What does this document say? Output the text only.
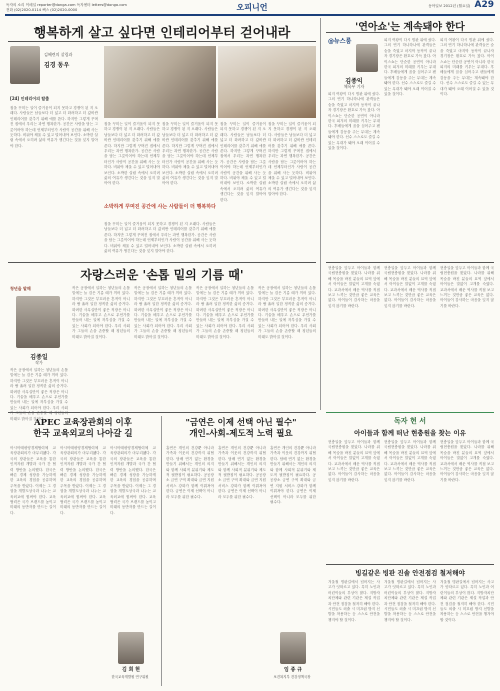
독자의 소리 이메일 reporter@donga.com 독자센터 letters@donga.com
전화 (02)2020-0114 팩스 (02)2020-0000	오피니언	동아일보 2012년 (월요일) A29
행복하게 살고 싶다면 인테리어부터 걷어내라
김혜련의 살림과
김경 동우
[24] 인테리어의 탈출
집을 꾸미는 일이 즐거움이 되지 못하고 경쟁이 된 지 오래다. 사람들은 남들보다 더 넓고 더 화려하고 더 값비싼 인테리어를 갖추기 위해 애를 쓴다. 하지만 그렇게 꾸며진 집에서 우리는 과연 행복한가. 공간은 사람을 담는 그릇이어야 하는데 언제부터인가 사람이 공간을 위해 사는 듯하다. 비워야 채울 수 있고 덜어내야 보인다. 소박한 살림 속에서 오히려 삶의 여유가 생긴다는 것을 잊지 말아야 한다.
집을 꾸미는 일이 즐거움이 되지 못하고 경쟁이 된 지 오래다. 사람들은 남들보다 더 넓고 더 화려하고 더 값비싼 인테리어를 갖추기 위해 애를 쓴다. 하지만 그렇게 꾸며진 집에서 우리는 과연 행복한가. 공간은 사람을 담는 그릇이어야 하는데 언제부터인가 사람이 공간을 위해 사는 듯하다. 비워야 채울 수 있고 덜어내야 보인다. 소박한 살림 속에서 오히려 삶의 여유가 생긴다는 것을 잊지 말아야 한다.
집을 꾸미는 일이 즐거움이 되지 못하고 경쟁이 된 지 오래다. 사람들은 남들보다 더 넓고 더 화려하고 더 값비싼 인테리어를 갖추기 위해 애를 쓴다. 하지만 그렇게 꾸며진 집에서 우리는 과연 행복한가. 공간은 사람을 담는 그릇이어야 하는데 언제부터인가 사람이 공간을 위해 사는 듯하다. 비워야 채울 수 있고 덜어내야 보인다. 소박한 살림 속에서 오히려 삶의 여유가 생긴다는 것을 잊지 말아야 한다.
집을 꾸미는 일이 즐거움이 되지 못하고 경쟁이 된 지 오래다. 사람들은 남들보다 더 넓고 더 화려하고 더 값비싼 인테리어를 갖추기 위해 애를 쓴다. 하지만 그렇게 꾸며진 집에서 우리는 과연 행복한가. 공간은 사람을 담는 그릇이어야 하는데 언제부터인가 사람이 공간을 위해 사는 듯하다. 비워야 채울 수 있고 덜어내야 보인다. 소박한 살림 속에서 오히려 삶의 여유가 생긴다는 것을 잊지 말아야 한다.
집을 꾸미는 일이 즐거움이 되지 못하고 경쟁이 된 지 오래다. 사람들은 남들보다 더 넓고 더 화려하고 더 값비싼 인테리어를 갖추기 위해 애를 쓴다. 하지만 그렇게 꾸며진 집에서 우리는 과연 행복한가. 공간은 사람을 담는 그릇이어야 하는데 언제부터인가 사람이 공간을 위해 사는 듯하다. 비워야 채울 수 있고 덜어내야 보인다. 소박한 살림 속에서 오히려 삶의 여유가 생긴다는 것을 잊지 말아야 한다.
소박하게 꾸며진 공간에 사는 사람들이 더 행복하다
집을 꾸미는 일이 즐거움이 되지 못하고 경쟁이 된 지 오래다. 사람들은 남들보다 더 넓고 더 화려하고 더 값비싼 인테리어를 갖추기 위해 애를 쓴다. 하지만 그렇게 꾸며진 집에서 우리는 과연 행복한가. 공간은 사람을 담는 그릇이어야 하는데 언제부터인가 사람이 공간을 위해 사는 듯하다. 비워야 채울 수 있고 덜어내야 보인다. 소박한 살림 속에서 오히려 삶의 여유가 생긴다는 것을 잊지 말아야 한다.
'연아쇼'는 계속돼야 한다
@뉴스룸
김종익
체육부 기자
피겨 여왕이 다시 빙판 위에 섰다. 그의 연기 하나하나에 관객들은 숨을 죽였고 마지막 동작이 끝나자 경기장은 환호로 가득 찼다. 아이스쇼는 단순한 공연이 아니라 한국 피겨의 미래를 키우는 무대다. 후배들에게 꿈을 심어주고 팬들에게 감동을 주는 무대는 계속돼야 한다. 선수 스스로도 즐길 수 있는 무대가 돼야 오래 이어질 수 있을 것이다.
피겨 여왕이 다시 빙판 위에 섰다. 그의 연기 하나하나에 관객들은 숨을 죽였고 마지막 동작이 끝나자 경기장은 환호로 가득 찼다. 아이스쇼는 단순한 공연이 아니라 한국 피겨의 미래를 키우는 무대다. 후배들에게 꿈을 심어주고 팬들에게 감동을 주는 무대는 계속돼야 한다. 선수 스스로도 즐길 수 있는 무대가 돼야 오래 이어질 수 있을 것이다.
피겨 여왕이 다시 빙판 위에 섰다. 그의 연기 하나하나에 관객들은 숨을 죽였고 마지막 동작이 끝나자 경기장은 환호로 가득 찼다. 아이스쇼는 단순한 공연이 아니라 한국 피겨의 미래를 키우는 무대다. 후배들에게 꿈을 심어주고 팬들에게 감동을 주는 무대는 계속돼야 한다. 선수 스스로도 즐길 수 있는 무대가 돼야 오래 이어질 수 있을 것이다.
자랑스러운 '손톱 밑의 기름 때'
청년을 말해
김종일
작가
작은 공장에서 일하는 청년들의 손톱 밑에는 늘 검은 기름 때가 끼어 있다. 하지만 그것은 부끄러운 흔적이 아니라 땀 흘려 일한 정직한 삶의 증거다. 화려한 사무실만이 좋은 직장은 아니다. 기술을 배우고 손으로 무언가를 만들어 내는 일에 자부심을 가질 수 있는 사회가 되어야 한다. 우리 사회가 그들의 손을 존중할 때 청년들의 미래도 밝아질 것이다.
작은 공장에서 일하는 청년들의 손톱 밑에는 늘 검은 기름 때가 끼어 있다. 하지만 그것은 부끄러운 흔적이 아니라 땀 흘려 일한 정직한 삶의 증거다. 화려한 사무실만이 좋은 직장은 아니다. 기술을 배우고 손으로 무언가를 만들어 내는 일에 자부심을 가질 수 있는 사회가 되어야 한다. 우리 사회가 그들의 손을 존중할 때 청년들의 미래도 밝아질 것이다.
작은 공장에서 일하는 청년들의 손톱 밑에는 늘 검은 기름 때가 끼어 있다. 하지만 그것은 부끄러운 흔적이 아니라 땀 흘려 일한 정직한 삶의 증거다. 화려한 사무실만이 좋은 직장은 아니다. 기술을 배우고 손으로 무언가를 만들어 내는 일에 자부심을 가질 수 있는 사회가 되어야 한다. 우리 사회가 그들의 손을 존중할 때 청년들의 미래도 밝아질 것이다.
작은 공장에서 일하는 청년들의 손톱 밑에는 늘 검은 기름 때가 끼어 있다. 하지만 그것은 부끄러운 흔적이 아니라 땀 흘려 일한 정직한 삶의 증거다. 화려한 사무실만이 좋은 직장은 아니다. 기술을 배우고 손으로 무언가를 만들어 내는 일에 자부심을 가질 수 있는 사회가 되어야 한다. 우리 사회가 그들의 손을 존중할 때 청년들의 미래도 밝아질 것이다.
작은 공장에서 일하는 청년들의 손톱 밑에는 늘 검은 기름 때가 끼어 있다. 하지만 그것은 부끄러운 흔적이 아니라 땀 흘려 일한 정직한 삶의 증거다. 화려한 사무실만이 좋은 직장은 아니다. 기술을 배우고 손으로 무언가를 만들어 내는 일에 자부심을 가질 수 있는 사회가 되어야 한다. 우리 사회가 그들의 손을 존중할 때 청년들의 미래도 밝아질 것이다.
현충일을 앞두고 아이들과 함께 국립현충원을 찾았다. 나라를 위해 목숨을 바친 분들의 묘역 앞에서 아이들은 말없이 고개를 숙였다. 교과서에서 배운 역사를 직접 보고 느끼는 것만큼 좋은 교육은 없다. 아이들이 감사하는 마음을 잊지 않기를 바란다.
현충일을 앞두고 아이들과 함께 국립현충원을 찾았다. 나라를 위해 목숨을 바친 분들의 묘역 앞에서 아이들은 말없이 고개를 숙였다. 교과서에서 배운 역사를 직접 보고 느끼는 것만큼 좋은 교육은 없다. 아이들이 감사하는 마음을 잊지 않기를 바란다.
현충일을 앞두고 아이들과 함께 국립현충원을 찾았다. 나라를 위해 목숨을 바친 분들의 묘역 앞에서 아이들은 말없이 고개를 숙였다. 교과서에서 배운 역사를 직접 보고 느끼는 것만큼 좋은 교육은 없다. 아이들이 감사하는 마음을 잊지 않기를 바란다.
독자 현 서
아이들과 함께 떠난 현충원을 찾는 이유
현충일을 앞두고 아이들과 함께 국립현충원을 찾았다. 나라를 위해 목숨을 바친 분들의 묘역 앞에서 아이들은 말없이 고개를 숙였다. 교과서에서 배운 역사를 직접 보고 느끼는 것만큼 좋은 교육은 없다. 아이들이 감사하는 마음을 잊지 않기를 바란다.
현충일을 앞두고 아이들과 함께 국립현충원을 찾았다. 나라를 위해 목숨을 바친 분들의 묘역 앞에서 아이들은 말없이 고개를 숙였다. 교과서에서 배운 역사를 직접 보고 느끼는 것만큼 좋은 교육은 없다. 아이들이 감사하는 마음을 잊지 않기를 바란다.
현충일을 앞두고 아이들과 함께 국립현충원을 찾았다. 나라를 위해 목숨을 바친 분들의 묘역 앞에서 아이들은 말없이 고개를 숙였다. 교과서에서 배운 역사를 직접 보고 느끼는 것만큼 좋은 교육은 없다. 아이들이 감사하는 마음을 잊지 않기를 바란다.
빙길같은 빙판 진솔 안전점검 철저해야
겨울철 빙판길에서 넘어지는 사고가 잇따르고 있다. 특히 노인과 어린이들의 부상이 많다. 지방자치단체와 관련 기관은 제설 작업과 안전 점검을 철저히 해야 한다. 시민들도 외출 시 미끄럼 방지 신발을 착용하는 등 스스로 안전을 챙겨야 할 것이다.
겨울철 빙판길에서 넘어지는 사고가 잇따르고 있다. 특히 노인과 어린이들의 부상이 많다. 지방자치단체와 관련 기관은 제설 작업과 안전 점검을 철저히 해야 한다. 시민들도 외출 시 미끄럼 방지 신발을 착용하는 등 스스로 안전을 챙겨야 할 것이다.
겨울철 빙판길에서 넘어지는 사고가 잇따르고 있다. 특히 노인과 어린이들의 부상이 많다. 지방자치단체와 관련 기관은 제설 작업과 안전 점검을 철저히 해야 한다. 시민들도 외출 시 미끄럼 방지 신발을 착용하는 등 스스로 안전을 챙겨야 할 것이다.
APEC 교육장관회의 이후
한국 교육외교의 나아갈 길
아시아태평양경제협력체 교육장관회의가 마무리됐다. 각국의 장관들은 교육을 통한 인적자원 개발과 국가 간 협력 방안을 논의했다. 한국은 빠른 경제 성장을 가능하게 한 교육의 경험을 공유하며 주목을 받았다. 이제는 그 경험을 개발도상국과 나누는 교육외교에 힘써야 한다. 교육 협력은 국가 브랜드를 높이고 미래의 동반자를 만드는 길이다.
아시아태평양경제협력체 교육장관회의가 마무리됐다. 각국의 장관들은 교육을 통한 인적자원 개발과 국가 간 협력 방안을 논의했다. 한국은 빠른 경제 성장을 가능하게 한 교육의 경험을 공유하며 주목을 받았다. 이제는 그 경험을 개발도상국과 나누는 교육외교에 힘써야 한다. 교육 협력은 국가 브랜드를 높이고 미래의 동반자를 만드는 길이다.
아시아태평양경제협력체 교육장관회의가 마무리됐다. 각국의 장관들은 교육을 통한 인적자원 개발과 국가 간 협력 방안을 논의했다. 한국은 빠른 경제 성장을 가능하게 한 교육의 경험을 공유하며 주목을 받았다. 이제는 그 경험을 개발도상국과 나누는 교육외교에 힘써야 한다. 교육 협력은 국가 브랜드를 높이고 미래의 동반자를 만드는 길이다.
김 희 현
한국교육개발원 연구위원
"금연은 이제 선택 아닌 필수"
개인-사회-제도적 노력 필요
흡연은 개인의 건강뿐 아니라 가족과 이웃의 건강까지 위협한다. 담배 연기 없는 환경을 만들기 위해서는 개인의 의지와 함께 사회적 분위기와 제도적 뒷받침이 필요하다. 공공장소 금연 구역 확대와 금연 지원 서비스 강화가 함께 이뤄져야 한다. 금연은 이제 선택이 아니라 모두를 위한 필수다.
흡연은 개인의 건강뿐 아니라 가족과 이웃의 건강까지 위협한다. 담배 연기 없는 환경을 만들기 위해서는 개인의 의지와 함께 사회적 분위기와 제도적 뒷받침이 필요하다. 공공장소 금연 구역 확대와 금연 지원 서비스 강화가 함께 이뤄져야 한다. 금연은 이제 선택이 아니라 모두를 위한 필수다.
흡연은 개인의 건강뿐 아니라 가족과 이웃의 건강까지 위협한다. 담배 연기 없는 환경을 만들기 위해서는 개인의 의지와 함께 사회적 분위기와 제도적 뒷받침이 필요하다. 공공장소 금연 구역 확대와 금연 지원 서비스 강화가 함께 이뤄져야 한다. 금연은 이제 선택이 아니라 모두를 위한 필수다.
임 종 규
보건복지부 건강정책국장
